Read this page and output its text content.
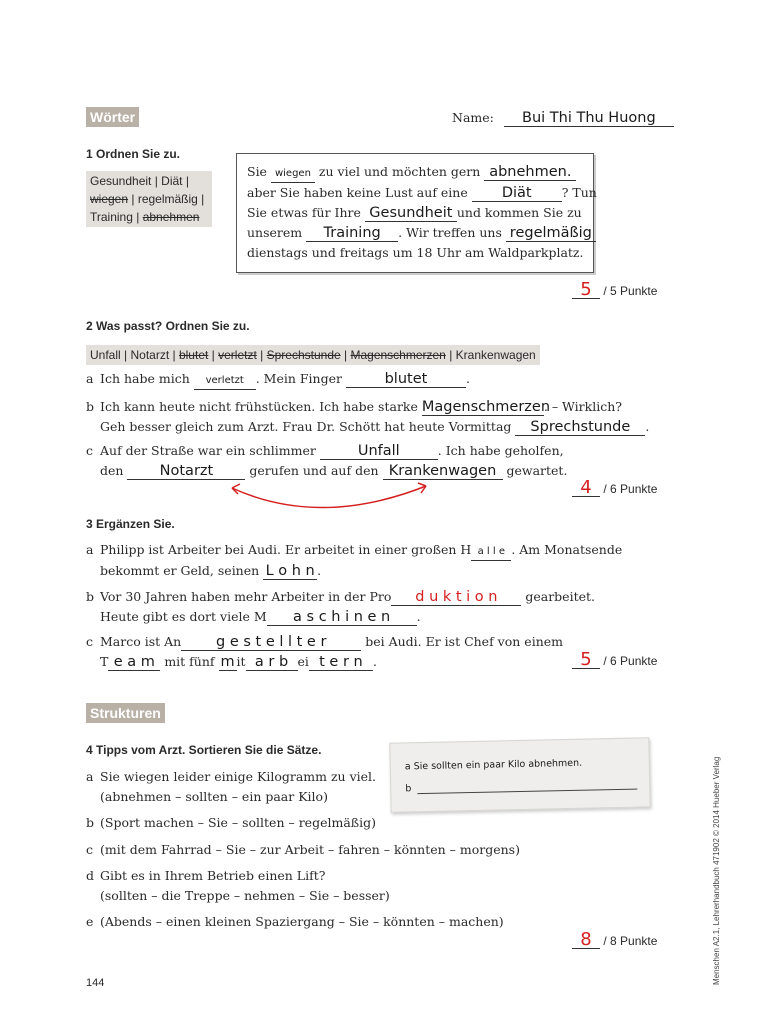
Wörter	Name: Bui Thi Thu Huong
1 Ordnen Sie zu.
Gesundheit | Diät |
wiegen | regelmäßig |
Training | abnehmen
Sie wiegen zu viel und möchten gern abnehmen.
aber Sie haben keine Lust auf eine Diät ? Tun
Sie etwas für Ihre Gesundheit und kommen Sie zu
unserem Training . Wir treffen uns regelmäßig
dienstags und freitags um 18 Uhr am Waldparkplatz.
5 / 5 Punkte
2 Was passt? Ordnen Sie zu.
Unfall | Notarzt | blutet | verletzt | Sprechstunde | Magenschmerzen | Krankenwagen
a Ich habe mich verletzt . Mein Finger	blutet	.
b Ich kann heute nicht frühstücken. Ich habe starke Magenschmerzen. – Wirklich?
Geh besser gleich zum Arzt. Frau Dr. Schött hat heute Vormittag Sprechstunde .
c Auf der Straße war ein schlimmer	Unfall	. Ich habe geholfen,
den Notarzt	gerufen und auf den Krankenwagen gewartet.
4 / 6 Punkte
3 Ergänzen Sie.
a Philipp ist Arbeiter bei Audi. Er arbeitet in einer großen H a l l e . Am Monatsende
bekommt er Geld, seinen L o h n .
b Vor 30 Jahren haben mehr Arbeiter in der Pro d u k t i o n gearbeitet.
Heute gibt es dort viele M a s c h i n e n .
c Marco ist An g e s t e l l t e r	bei Audi. Er ist Chef von einem
T e a m mit fünf m it a r b ei t e r n .	5 / 6 Punkte
Strukturen
4 Tipps vom Arzt. Sortieren Sie die Sätze.
a Sie sollten ein paar Kilo abnehmen.
b
a Sie wiegen leider einige Kilogramm zu viel.
(abnehmen – sollten – ein paar Kilo)
b (Sport machen – Sie – sollten – regelmäßig)
c (mit dem Fahrrad – Sie – zur Arbeit – fahren – könnten – morgens)
d Gibt es in Ihrem Betrieb einen Lift?
(sollten – die Treppe – nehmen – Sie – besser)
e (Abends – einen kleinen Spaziergang – Sie – könnten – machen)
8 / 8 Punkte
144	Menschen A2.1, Lehrerhandbuch 471902 © 2014 Hueber Verlag
